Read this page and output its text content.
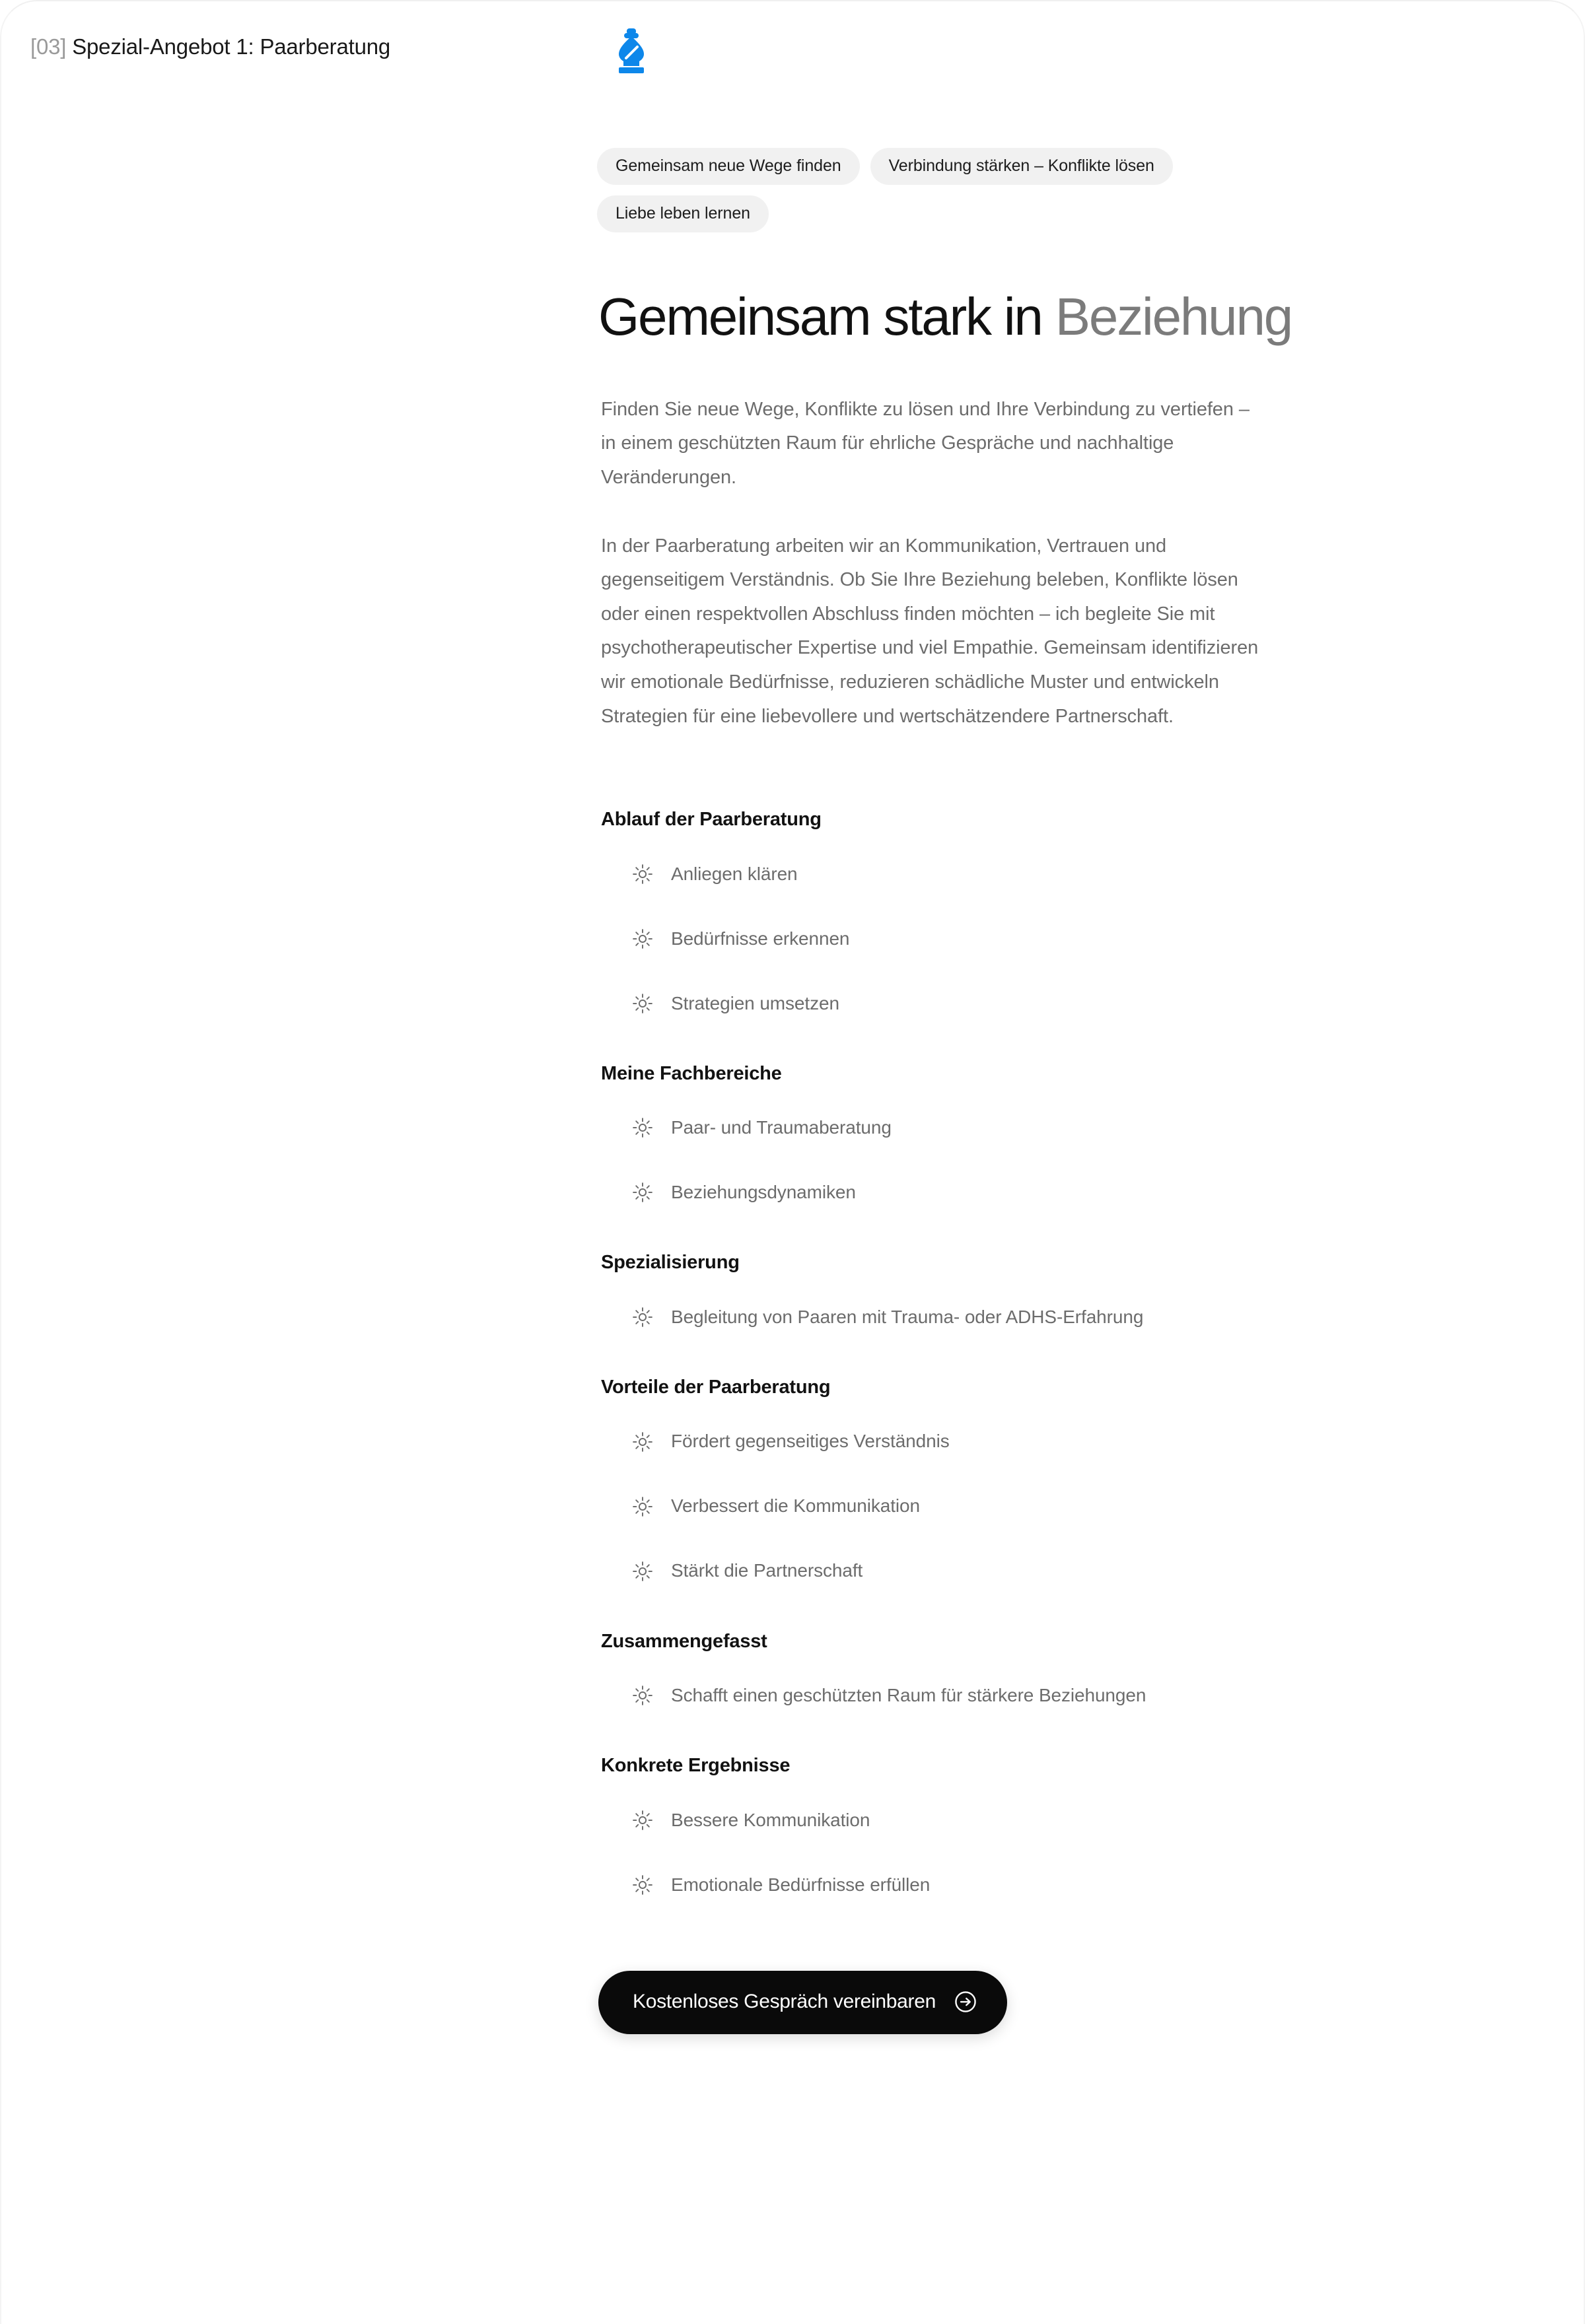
[03] Spezial-Angebot 1: Paarberatung
Gemeinsam neue Wege finden	Verbindung stärken – Konflikte lösen
Liebe leben lernen
Gemeinsam stark in Beziehung

Finden Sie neue Wege, Konflikte zu lösen und Ihre Verbindung zu vertiefen – in einem geschützten Raum für ehrliche Gespräche und nachhaltige Veränderungen.

In der Paarberatung arbeiten wir an Kommunikation, Vertrauen und gegenseitigem Verständnis. Ob Sie Ihre Beziehung beleben, Konflikte lösen oder einen respektvollen Abschluss finden möchten – ich begleite Sie mit psychotherapeutischer Expertise und viel Empathie. Gemeinsam identifizieren wir emotionale Bedürfnisse, reduzieren schädliche Muster und entwickeln Strategien für eine liebevollere und wertschätzendere Partnerschaft.

Ablauf der Paarberatung
Anliegen klären
Bedürfnisse erkennen
Strategien umsetzen
Meine Fachbereiche
Paar- und Traumaberatung
Beziehungsdynamiken
Spezialisierung
Begleitung von Paaren mit Trauma- oder ADHS-Erfahrung
Vorteile der Paarberatung
Fördert gegenseitiges Verständnis
Verbessert die Kommunikation
Stärkt die Partnerschaft
Zusammengefasst
Schafft einen geschützten Raum für stärkere Beziehungen
Konkrete Ergebnisse
Bessere Kommunikation
Emotionale Bedürfnisse erfüllen
Kostenloses Gespräch vereinbaren
